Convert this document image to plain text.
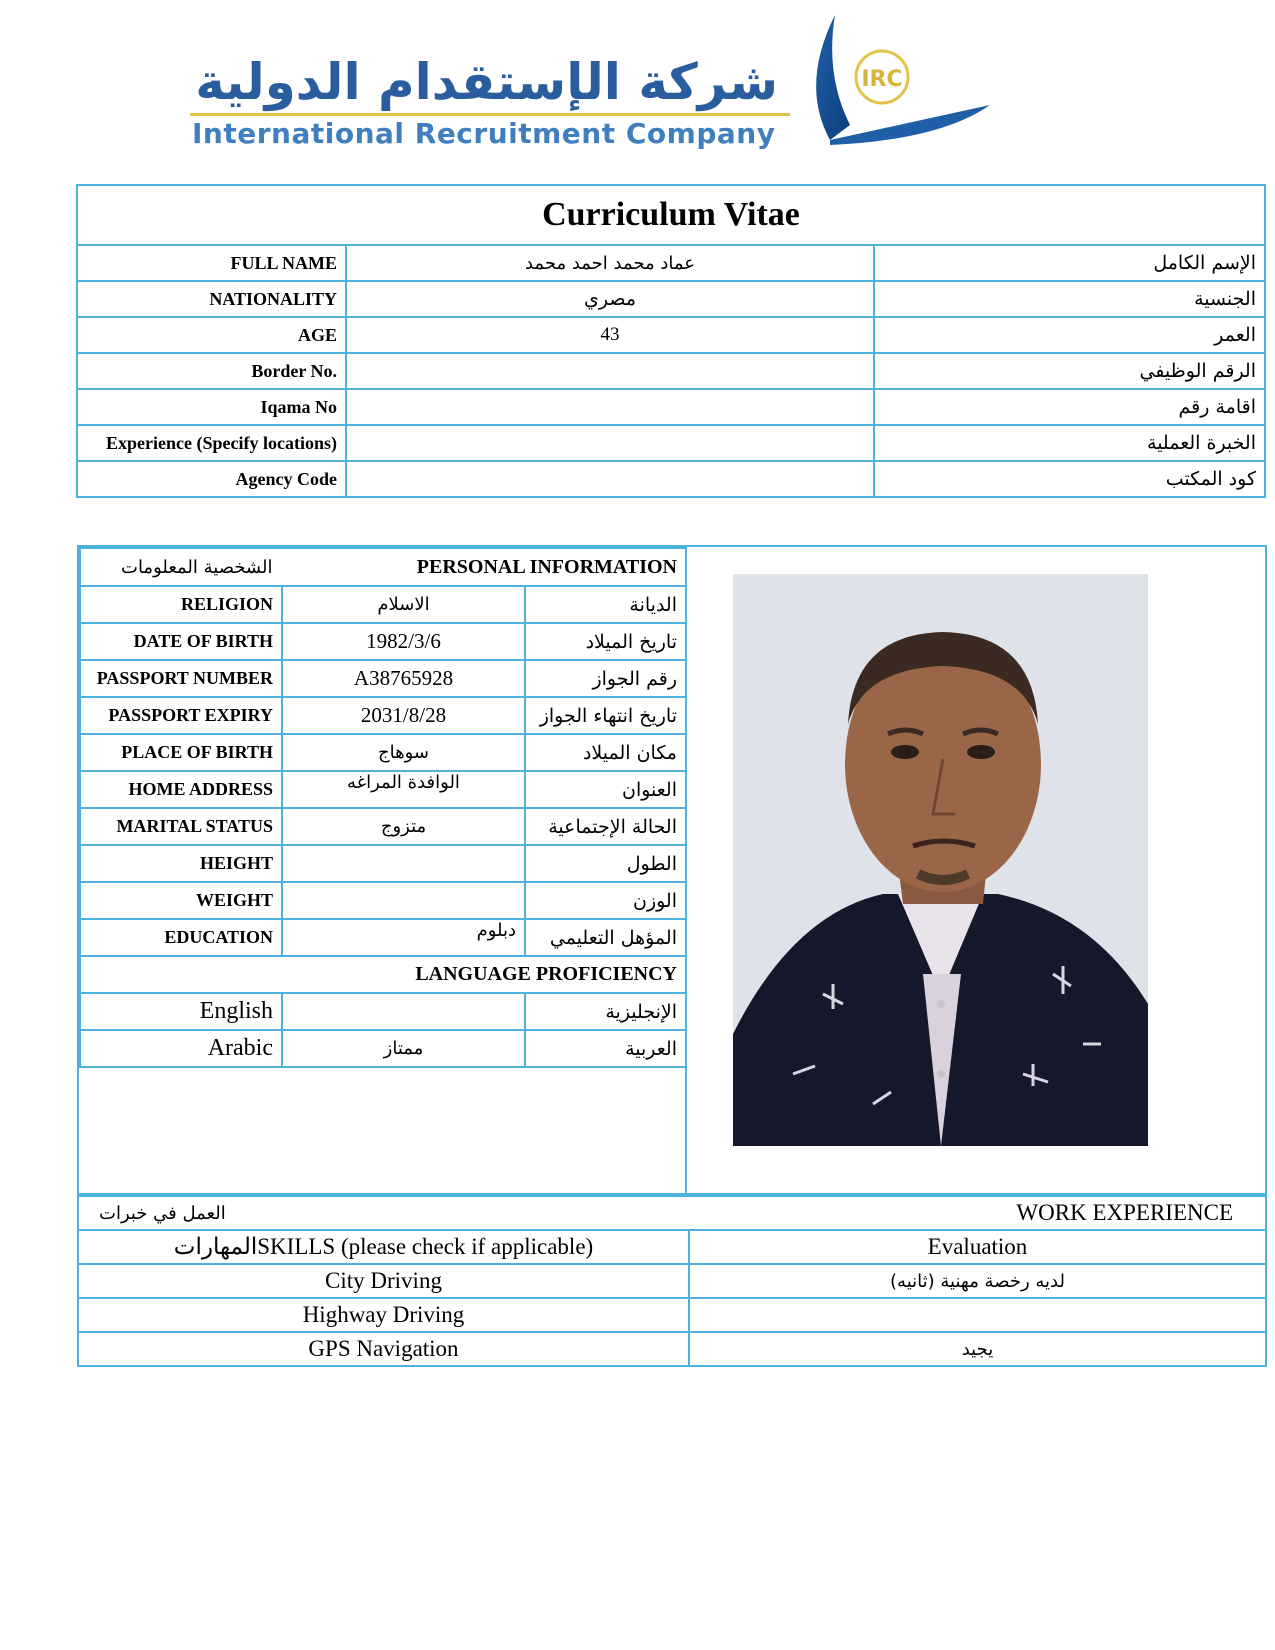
شركة الإستقدام الدولية
International Recruitment Company
IRC
Curriculum Vitae		
FULL NAME	عماد محمد احمد محمد	الإسم الكامل
NATIONALITY	مصري	الجنسية
AGE	43	العمر
Border No.		الرقم الوظيفي
Iqama No		اقامة رقم
Experience (Specify locations)		الخبرة العملية
Agency Code		كود المكتب
الشخصية المعلومات PERSONAL INFORMATION		

RELIGION	الاسلام	الديانة
DATE OF BIRTH	1982/3/6	تاريخ الميلاد
PASSPORT NUMBER	A38765928	رقم الجواز
PASSPORT EXPIRY	2031/8/28	تاريخ انتهاء الجواز
PLACE OF BIRTH	سوهاج	مكان الميلاد
HOME ADDRESS	الوافدة المراغه	العنوان
MARITAL STATUS	متزوج	الحالة الإجتماعية
HEIGHT		الطول
WEIGHT		الوزن
EDUCATION	دبلوم	المؤهل التعليمي
LANGUAGE PROFICIENCY		
English		الإنجليزية
Arabic	ممتاز	العربية
العمل في خبرات WORK EXPERIENCE	

المهاراتSKILLS (please check if applicable)	Evaluation
City Driving	لديه رخصة مهنية (ثانيه)
Highway Driving	
GPS Navigation	يجيد
